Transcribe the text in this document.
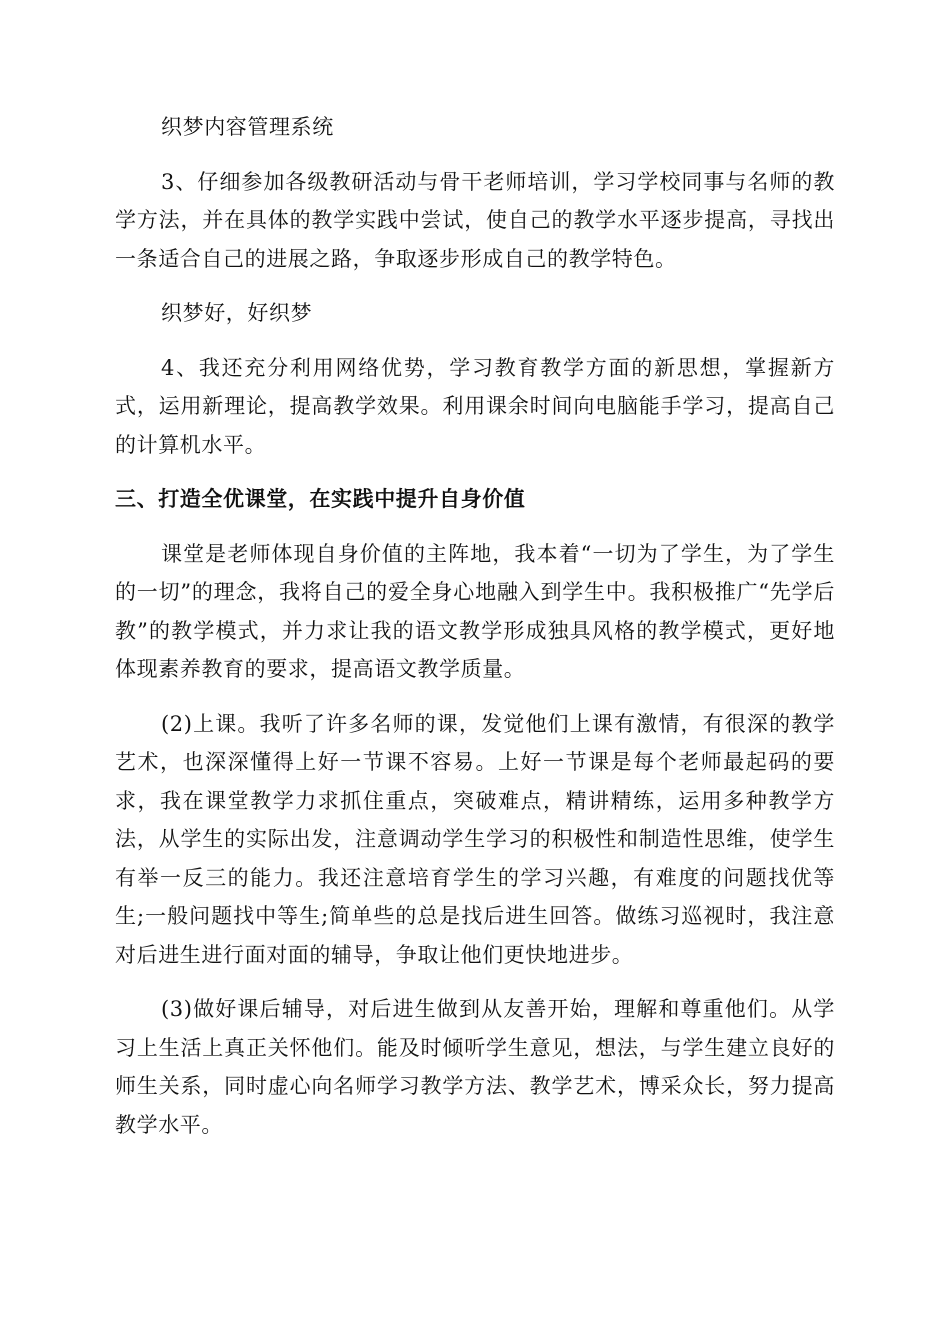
织梦内容管理系统

3、仔细参加各级教研活动与骨干老师培训，学习学校同事与名师的教学方法，并在具体的教学实践中尝试，使自己的教学水平逐步提高，寻找出一条适合自己的进展之路，争取逐步形成自己的教学特色。

织梦好，好织梦

4、我还充分利用网络优势，学习教育教学方面的新思想，掌握新方式，运用新理论，提高教学效果。利用课余时间向电脑能手学习，提高自己的计算机水平。

三、打造全优课堂，在实践中提升自身价值

课堂是老师体现自身价值的主阵地，我本着“一切为了学生，为了学生的一切”的理念，我将自己的爱全身心地融入到学生中。我积极推广“先学后教”的教学模式，并力求让我的语文教学形成独具风格的教学模式，更好地体现素养教育的要求，提高语文教学质量。

(2)上课。我听了许多名师的课，发觉他们上课有激情，有很深的教学艺术，也深深懂得上好一节课不容易。上好一节课是每个老师最起码的要求，我在课堂教学力求抓住重点，突破难点，精讲精练，运用多种教学方法，从学生的实际出发，注意调动学生学习的积极性和制造性思维，使学生有举一反三的能力。我还注意培育学生的学习兴趣，有难度的问题找优等生;一般问题找中等生;简单些的总是找后进生回答。做练习巡视时，我注意对后进生进行面对面的辅导，争取让他们更快地进步。

(3)做好课后辅导，对后进生做到从友善开始，理解和尊重他们。从学习上生活上真正关怀他们。能及时倾听学生意见，想法，与学生建立良好的师生关系，同时虚心向名师学习教学方法、教学艺术，博采众长，努力提高教学水平。
